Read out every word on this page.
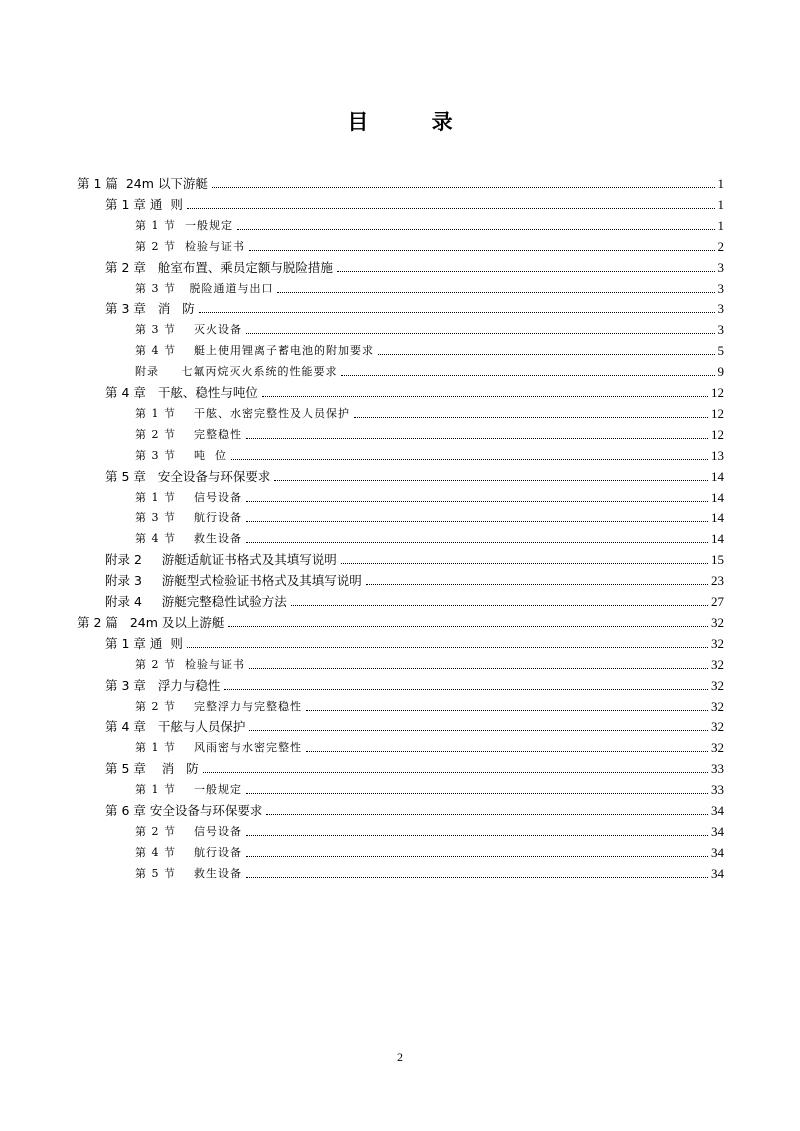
目 录
第 1 篇  24m 以下游艇	1
第 1 章 通  则	1
第 1 节  一般规定	1
第 2 节  检验与证书	2
第 2 章   舱室布置、乘员定额与脱险措施	3
第 3 节   脱险通道与出口	3
第 3 章   消   防	3
第 3 节    灭火设备	3
第 4 节    艇上使用锂离子蓄电池的附加要求	5
附录     七氟丙烷灭火系统的性能要求	9
第 4 章   干舷、稳性与吨位	12
第 1 节    干舷、水密完整性及人员保护	12
第 2 节    完整稳性	12
第 3 节    吨  位	13
第 5 章   安全设备与环保要求	14
第 1 节    信号设备	14
第 3 节    航行设备	14
第 4 节    救生设备	14
附录 2     游艇适航证书格式及其填写说明	15
附录 3     游艇型式检验证书格式及其填写说明	23
附录 4     游艇完整稳性试验方法	27
第 2 篇   24m 及以上游艇	32
第 1 章 通  则	32
第 2 节  检验与证书	32
第 3 章   浮力与稳性	32
第 2 节    完整浮力与完整稳性	32
第 4 章   干舷与人员保护	32
第 1 节    风雨密与水密完整性	32
第 5 章    消   防	33
第 1 节    一般规定	33
第 6 章 安全设备与环保要求	34
第 2 节    信号设备	34
第 4 节    航行设备	34
第 5 节    救生设备	34
2
